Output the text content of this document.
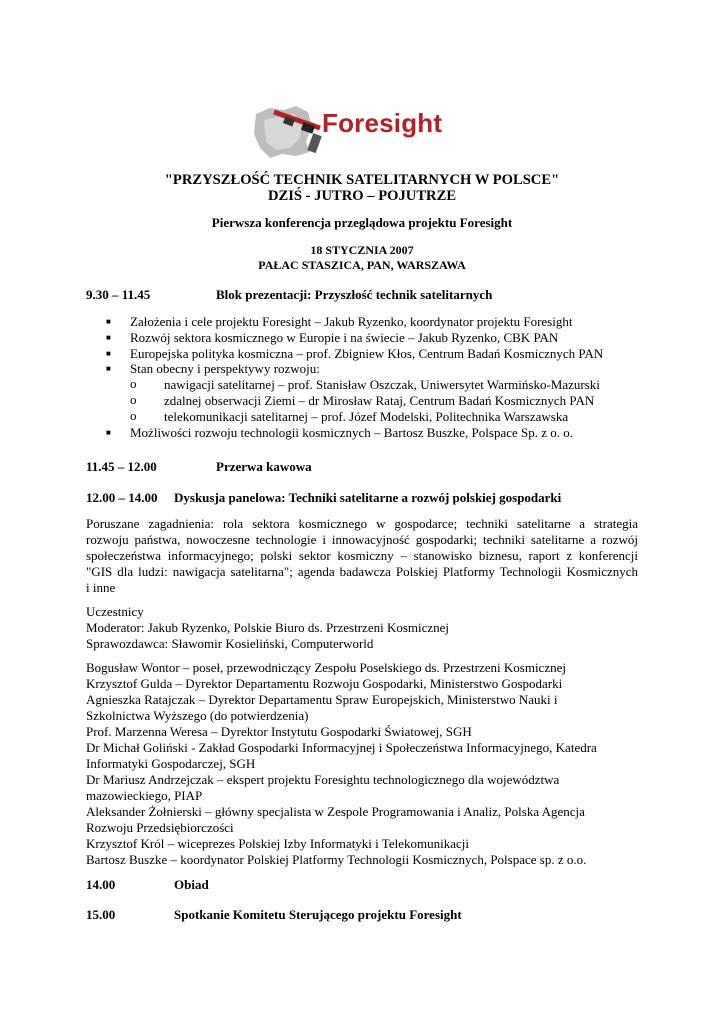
Foresight
"PRZYSZŁOŚĆ TECHNIK SATELITARNYCH W POLSCE"
DZIŚ - JUTRO – POJUTRZE
Pierwsza konferencja przeglądowa projektu Foresight
18 STYCZNIA 2007
PAŁAC STASZICA, PAN, WARSZAWA
9.30 – 11.45	Blok prezentacji: Przyszłość technik satelitarnych
■ Założenia i cele projektu Foresight – Jakub Ryzenko, koordynator projektu Foresight
■ Rozwój sektora kosmicznego w Europie i na świecie – Jakub Ryzenko, CBK PAN
■ Europejska polityka kosmiczna – prof. Zbigniew Kłos, Centrum Badań Kosmicznych PAN
■ Stan obecny i perspektywy rozwoju:
o nawigacji satelitarnej – prof. Stanisław Oszczak, Uniwersytet Warmińsko-Mazurski
o zdalnej obserwacji Ziemi – dr Mirosław Rataj, Centrum Badań Kosmicznych PAN
o telekomunikacji satelitarnej – prof. Józef Modelski, Politechnika Warszawska
■ Możliwości rozwoju technologii kosmicznych – Bartosz Buszke, Polspace Sp. z o. o.
11.45 – 12.00	Przerwa kawowa
12.00 – 14.00 Dyskusja panelowa: Techniki satelitarne a rozwój polskiej gospodarki
Poruszane zagadnienia: rola sektora kosmicznego w gospodarce; techniki satelitarne a strategia
rozwoju państwa, nowoczesne technologie i innowacyjność gospodarki; techniki satelitarne a rozwój
społeczeństwa informacyjnego; polski sektor kosmiczny – stanowisko biznesu, raport z konferencji
"GIS dla ludzi: nawigacja satelitarna"; agenda badawcza Polskiej Platformy Technologii Kosmicznych
i inne
Uczestnicy
Moderator: Jakub Ryzenko, Polskie Biuro ds. Przestrzeni Kosmicznej
Sprawozdawca: Sławomir Kosieliński, Computerworld
Bogusław Wontor – poseł, przewodniczący Zespołu Poselskiego ds. Przestrzeni Kosmicznej
Krzysztof Gulda – Dyrektor Departamentu Rozwoju Gospodarki, Ministerstwo Gospodarki
Agnieszka Ratajczak – Dyrektor Departamentu Spraw Europejskich, Ministerstwo Nauki i
Szkolnictwa Wyższego (do potwierdzenia)
Prof. Marzenna Weresa – Dyrektor Instytutu Gospodarki Światowej, SGH
Dr Michał Goliński - Zakład Gospodarki Informacyjnej i Społeczeństwa Informacyjnego, Katedra
Informatyki Gospodarczej, SGH
Dr Mariusz Andrzejczak – ekspert projektu Foresightu technologicznego dla województwa
mazowieckiego, PIAP
Aleksander Żołnierski – główny specjalista w Zespole Programowania i Analiz, Polska Agencja
Rozwoju Przedsiębiorczości
Krzysztof Król – wiceprezes Polskiej Izby Informatyki i Telekomunikacji
Bartosz Buszke – koordynator Polskiej Platformy Technologii Kosmicznych, Polspace sp. z o.o.
14.00	Obiad
15.00	Spotkanie Komitetu Sterującego projektu Foresight
